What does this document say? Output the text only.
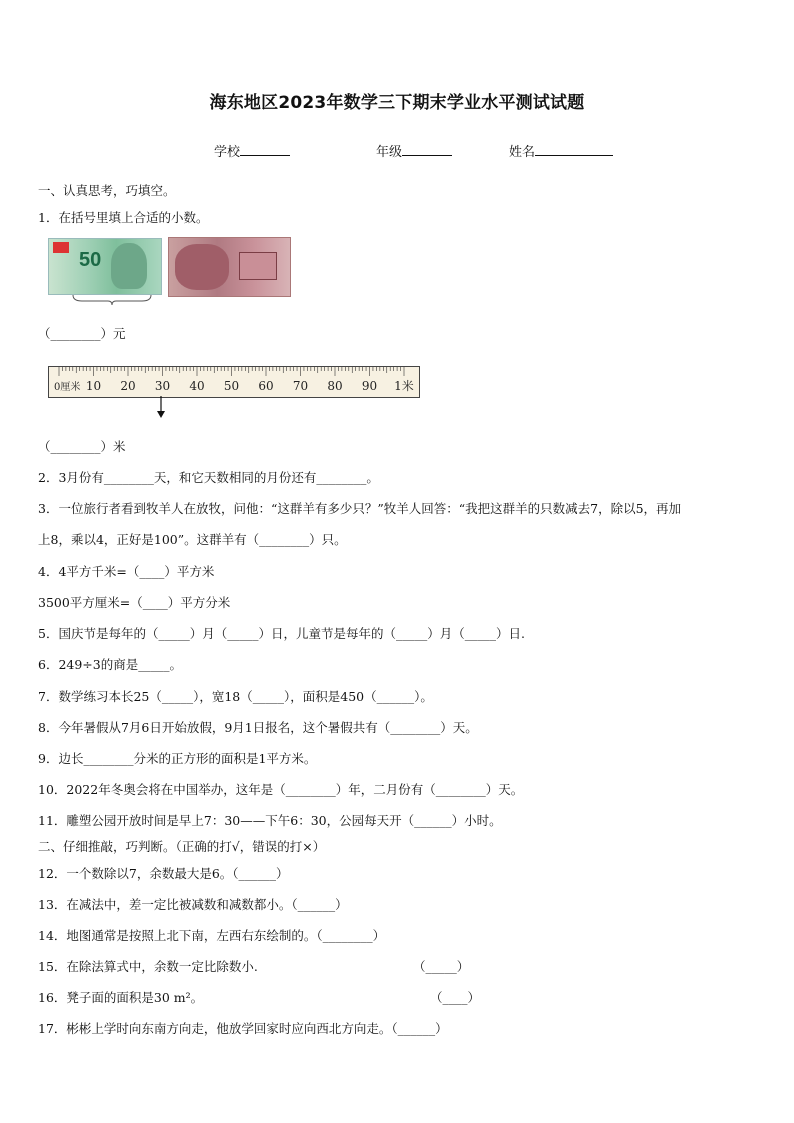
海东地区2023年数学三下期末学业水平测试试题
学校	年级	姓名
一、认真思考，巧填空。
1．在括号里填上合适的小数。
50
（________）元
0厘米 10 20 30 40 50 60 70 80 90 1米
（________）米
2．3月份有________天，和它天数相同的月份还有________。
3．一位旅行者看到牧羊人在放牧，问他：“这群羊有多少只？”牧羊人回答：“我把这群羊的只数减去7，除以5，再加
上8，乘以4，正好是100”。这群羊有（________）只。
4．4平方千米=（____）平方米
3500平方厘米=（____）平方分米
5．国庆节是每年的（_____）月（_____）日，儿童节是每年的（_____）月（_____）日.
6．249÷3的商是_____。
7．数学练习本长25（_____），宽18（_____），面积是450（______）。
8．今年暑假从7月6日开始放假，9月1日报名，这个暑假共有（________）天。
9．边长________分米的正方形的面积是1平方米。
10．2022年冬奥会将在中国举办，这年是（________）年，二月份有（________）天。
11．雕塑公园开放时间是早上7：30——下午6：30，公园每天开（______）小时。
二、仔细推敲，巧判断。（正确的打√，错误的打×）
12．一个数除以7，余数最大是6。（______）
13．在减法中，差一定比被减数和减数都小。（______）
14．地图通常是按照上北下南，左西右东绘制的。（________）
15．在除法算式中，余数一定比除数小.	（_____）
16．凳子面的面积是30 m²。	（____）
17．彬彬上学时向东南方向走，他放学回家时应向西北方向走。（______）
